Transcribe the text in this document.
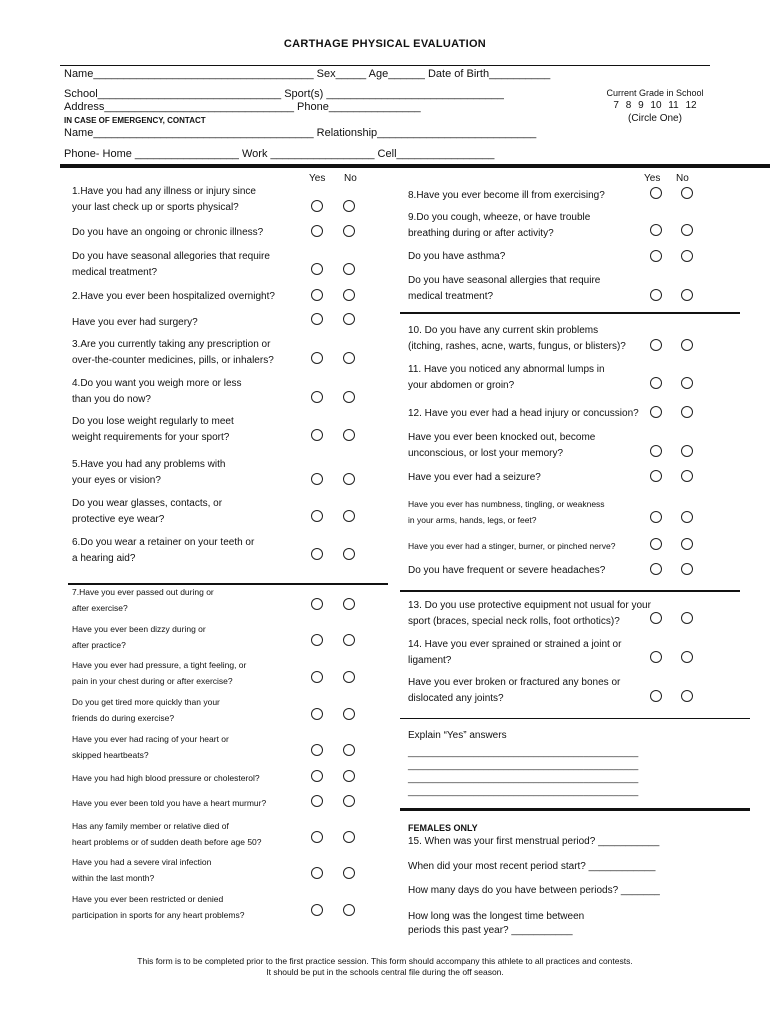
CARTHAGE PHYSICAL EVALUATION
Name____________________________________ Sex_____ Age______ Date of Birth__________
School______________________________ Sport(s) _____________________________
Address_______________________________ Phone_______________
IN CASE OF EMERGENCY, CONTACT
Name____________________________________ Relationship__________________________
Phone- Home _________________ Work _________________ Cell________________
Current Grade in School
7 8 9 10 11 12
(Circle One)
Yes No	Yes No
1.Have you had any illness or injury since
your last check up or sports physical?
Do you have an ongoing or chronic illness?
Do you have seasonal allegories that require
medical treatment?
2.Have you ever been hospitalized overnight?
Have you ever had surgery?
3.Are you currently taking any prescription or
over-the-counter medicines, pills, or inhalers?
4.Do you want you weigh more or less
than you do now?
Do you lose weight regularly to meet
weight requirements for your sport?
5.Have you had any problems with
your eyes or vision?
Do you wear glasses, contacts, or
protective eye wear?
6.Do you wear a retainer on your teeth or
a hearing aid?
7.Have you ever passed out during or
after exercise?
Have you ever been dizzy during or
after practice?
Have you ever had pressure, a tight feeling, or
pain in your chest during or after exercise?
Do you get tired more quickly than your
friends do during exercise?
Have you ever had racing of your heart or
skipped heartbeats?
Have you had high blood pressure or cholesterol?
Have you ever been told you have a heart murmur?
Has any family member or relative died of
heart problems or of sudden death before age 50?
Have you had a severe viral infection
within the last month?
Have you ever been restricted or denied
participation in sports for any heart problems?
8.Have you ever become ill from exercising?
9.Do you cough, wheeze, or have trouble
breathing during or after activity?
Do you have asthma?
Do you have seasonal allergies that require
medical treatment?
10. Do you have any current skin problems
(itching, rashes, acne, warts, fungus, or blisters)?
11. Have you noticed any abnormal lumps in
your abdomen or groin?
12. Have you ever had a head injury or concussion?
Have you ever been knocked out, become
unconscious, or lost your memory?
Have you ever had a seizure?
Have you ever has numbness, tingling, or weakness
in your arms, hands, legs, or feet?
Have you ever had a stinger, burner, or pinched nerve?
Do you have frequent or severe headaches?
13. Do you use protective equipment not usual for your
sport (braces, special neck rolls, foot orthotics)?
14. Have you ever sprained or strained a joint or
ligament?
Have you ever broken or fractured any bones or
dislocated any joints?
Explain “Yes” answers
______________________________________________
______________________________________________
______________________________________________
______________________________________________
FEMALES ONLY
15. When was your first menstrual period? ___________
When did your most recent period start? ____________
How many days do you have between periods? _______
How long was the longest time between
periods this past year? ___________
This form is to be completed prior to the first practice session. This form should accompany this athlete to all practices and contests.
It should be put in the schools central file during the off season.
